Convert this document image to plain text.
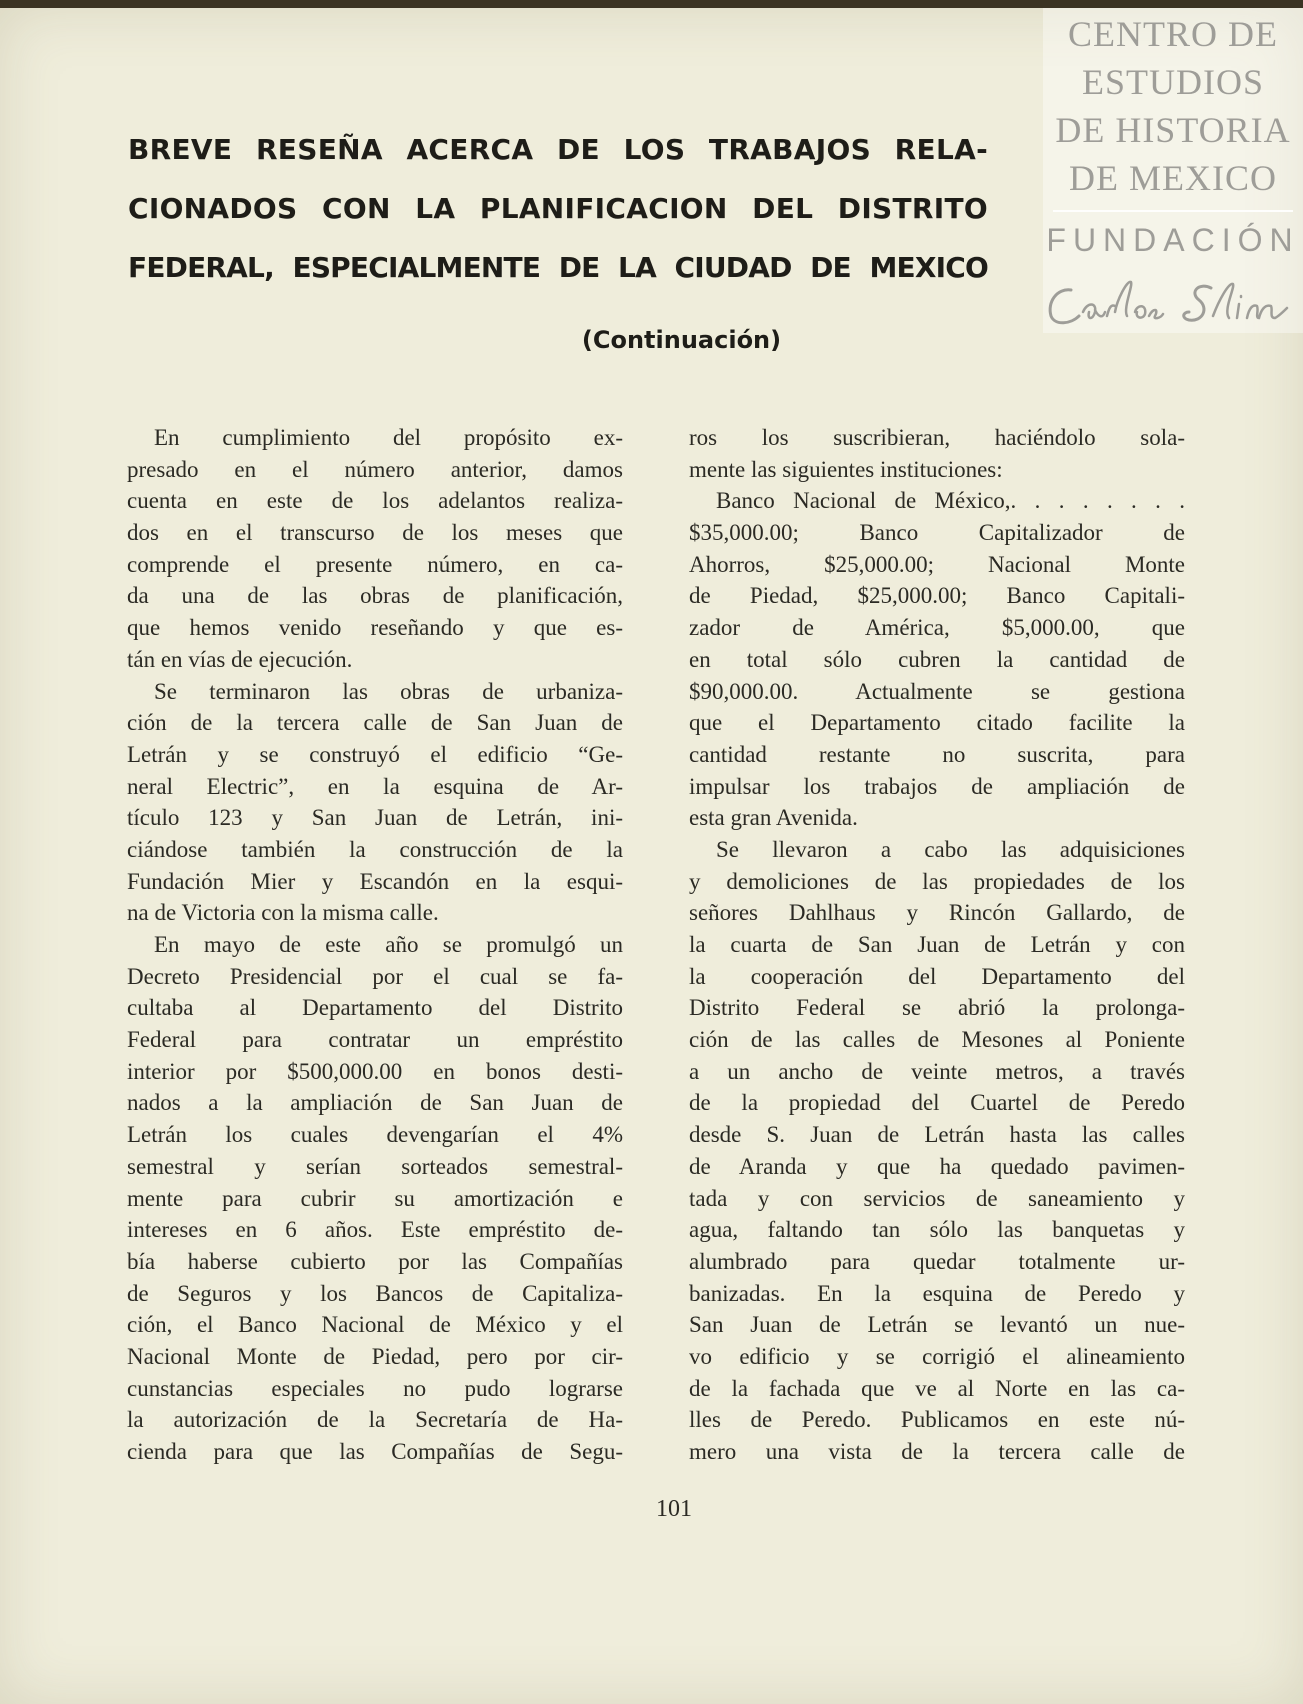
BREVE RESEÑA ACERCA DE LOS TRABAJOS RELA-
CIONADOS CON LA PLANIFICACION DEL DISTRITO
FEDERAL, ESPECIALMENTE DE LA CIUDAD DE MEXICO
(Continuación)
En cumplimiento del propósito ex-
presado en el número anterior, damos
cuenta en este de los adelantos realiza-
dos en el transcurso de los meses que
comprende el presente número, en ca-
da una de las obras de planificación,
que hemos venido reseñando y que es-
tán en vías de ejecución.
Se terminaron las obras de urbaniza-
ción de la tercera calle de San Juan de
Letrán y se construyó el edificio “Ge-
neral Electric”, en la esquina de Ar-
tículo 123 y San Juan de Letrán, ini-
ciándose también la construcción de la
Fundación Mier y Escandón en la esqui-
na de Victoria con la misma calle.
En mayo de este año se promulgó un
Decreto Presidencial por el cual se fa-
cultaba al Departamento del Distrito
Federal para contratar un empréstito
interior por $500,000.00 en bonos desti-
nados a la ampliación de San Juan de
Letrán los cuales devengarían el 4%
semestral y serían sorteados semestral-
mente para cubrir su amortización e
intereses en 6 años. Este empréstito de-
bía haberse cubierto por las Compañías
de Seguros y los Bancos de Capitaliza-
ción, el Banco Nacional de México y el
Nacional Monte de Piedad, pero por cir-
cunstancias especiales no pudo lograrse
la autorización de la Secretaría de Ha-
cienda para que las Compañías de Segu-
ros los suscribieran, haciéndolo sola-
mente las siguientes instituciones:
Banco Nacional de México,. . . . . . . .
$35,000.00; Banco Capitalizador de
Ahorros, $25,000.00; Nacional Monte
de Piedad, $25,000.00; Banco Capitali-
zador de América, $5,000.00, que
en total sólo cubren la cantidad de
$90,000.00. Actualmente se gestiona
que el Departamento citado facilite la
cantidad restante no suscrita, para
impulsar los trabajos de ampliación de
esta gran Avenida.
Se llevaron a cabo las adquisiciones
y demoliciones de las propiedades de los
señores Dahlhaus y Rincón Gallardo, de
la cuarta de San Juan de Letrán y con
la cooperación del Departamento del
Distrito Federal se abrió la prolonga-
ción de las calles de Mesones al Poniente
a un ancho de veinte metros, a través
de la propiedad del Cuartel de Peredo
desde S. Juan de Letrán hasta las calles
de Aranda y que ha quedado pavimen-
tada y con servicios de saneamiento y
agua, faltando tan sólo las banquetas y
alumbrado para quedar totalmente ur-
banizadas. En la esquina de Peredo y
San Juan de Letrán se levantó un nue-
vo edificio y se corrigió el alineamiento
de la fachada que ve al Norte en las ca-
lles de Peredo. Publicamos en este nú-
mero una vista de la tercera calle de
101
CENTRO DE
ESTUDIOS
DE HISTORIA
DE MEXICO
FUNDACIÓN
